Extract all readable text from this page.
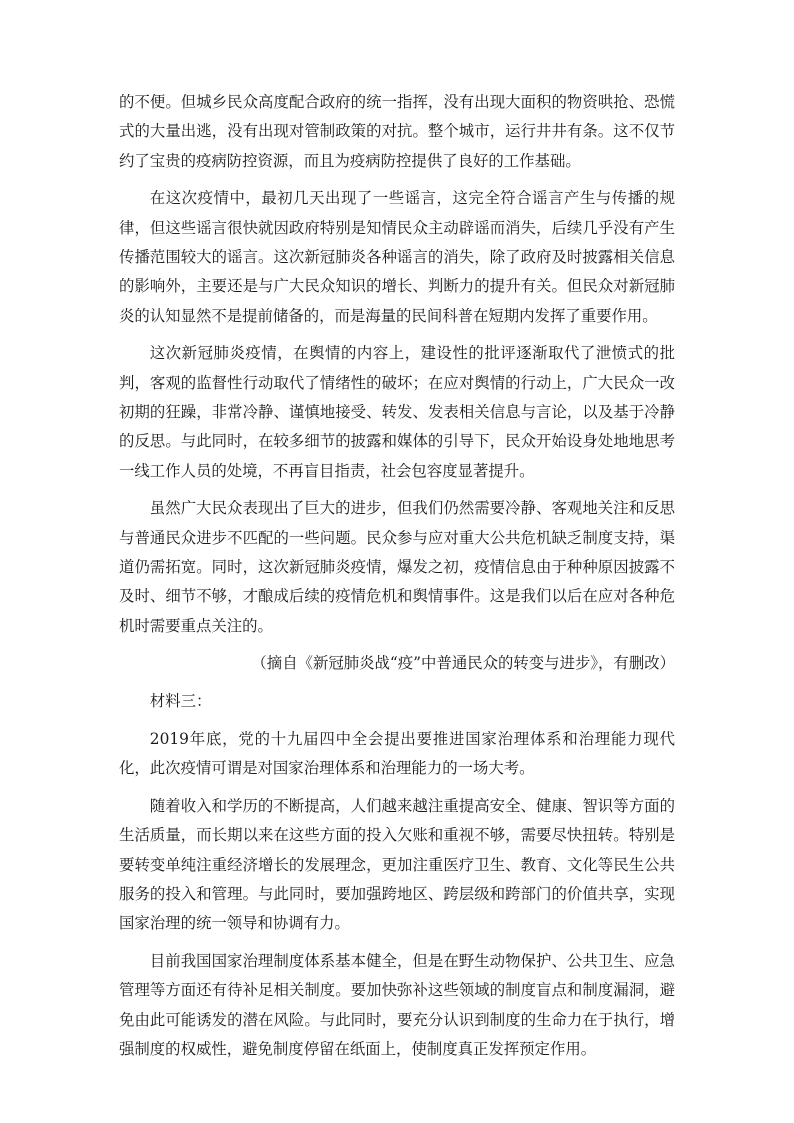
的不便。但城乡民众高度配合政府的统一指挥，没有出现大面积的物资哄抢、恐慌式的大量出逃，没有出现对管制政策的对抗。整个城市，运行井井有条。这不仅节约了宝贵的疫病防控资源，而且为疫病防控提供了良好的工作基础。

在这次疫情中，最初几天出现了一些谣言，这完全符合谣言产生与传播的规律，但这些谣言很快就因政府特别是知情民众主动辟谣而消失，后续几乎没有产生传播范围较大的谣言。这次新冠肺炎各种谣言的消失，除了政府及时披露相关信息的影响外，主要还是与广大民众知识的增长、判断力的提升有关。但民众对新冠肺炎的认知显然不是提前储备的，而是海量的民间科普在短期内发挥了重要作用。

这次新冠肺炎疫情，在舆情的内容上，建设性的批评逐渐取代了泄愤式的批判，客观的监督性行动取代了情绪性的破坏；在应对舆情的行动上，广大民众一改初期的狂躁，非常冷静、谨慎地接受、转发、发表相关信息与言论，以及基于冷静的反思。与此同时，在较多细节的披露和媒体的引导下，民众开始设身处地地思考一线工作人员的处境，不再盲目指责，社会包容度显著提升。

虽然广大民众表现出了巨大的进步，但我们仍然需要冷静、客观地关注和反思与普通民众进步不匹配的一些问题。民众参与应对重大公共危机缺乏制度支持，渠道仍需拓宽。同时，这次新冠肺炎疫情，爆发之初，疫情信息由于种种原因披露不及时、细节不够，才酿成后续的疫情危机和舆情事件。这是我们以后在应对各种危机时需要重点关注的。

（摘自《新冠肺炎战“疫”中普通民众的转变与进步》，有删改）

材料三：

2019年底，党的十九届四中全会提出要推进国家治理体系和治理能力现代化，此次疫情可谓是对国家治理体系和治理能力的一场大考。

随着收入和学历的不断提高，人们越来越注重提高安全、健康、智识等方面的生活质量，而长期以来在这些方面的投入欠账和重视不够，需要尽快扭转。特别是要转变单纯注重经济增长的发展理念，更加注重医疗卫生、教育、文化等民生公共服务的投入和管理。与此同时，要加强跨地区、跨层级和跨部门的价值共享，实现国家治理的统一领导和协调有力。

目前我国国家治理制度体系基本健全，但是在野生动物保护、公共卫生、应急管理等方面还有待补足相关制度。要加快弥补这些领域的制度盲点和制度漏洞，避免由此可能诱发的潜在风险。与此同时，要充分认识到制度的生命力在于执行，增强制度的权威性，避免制度停留在纸面上，使制度真正发挥预定作用。
